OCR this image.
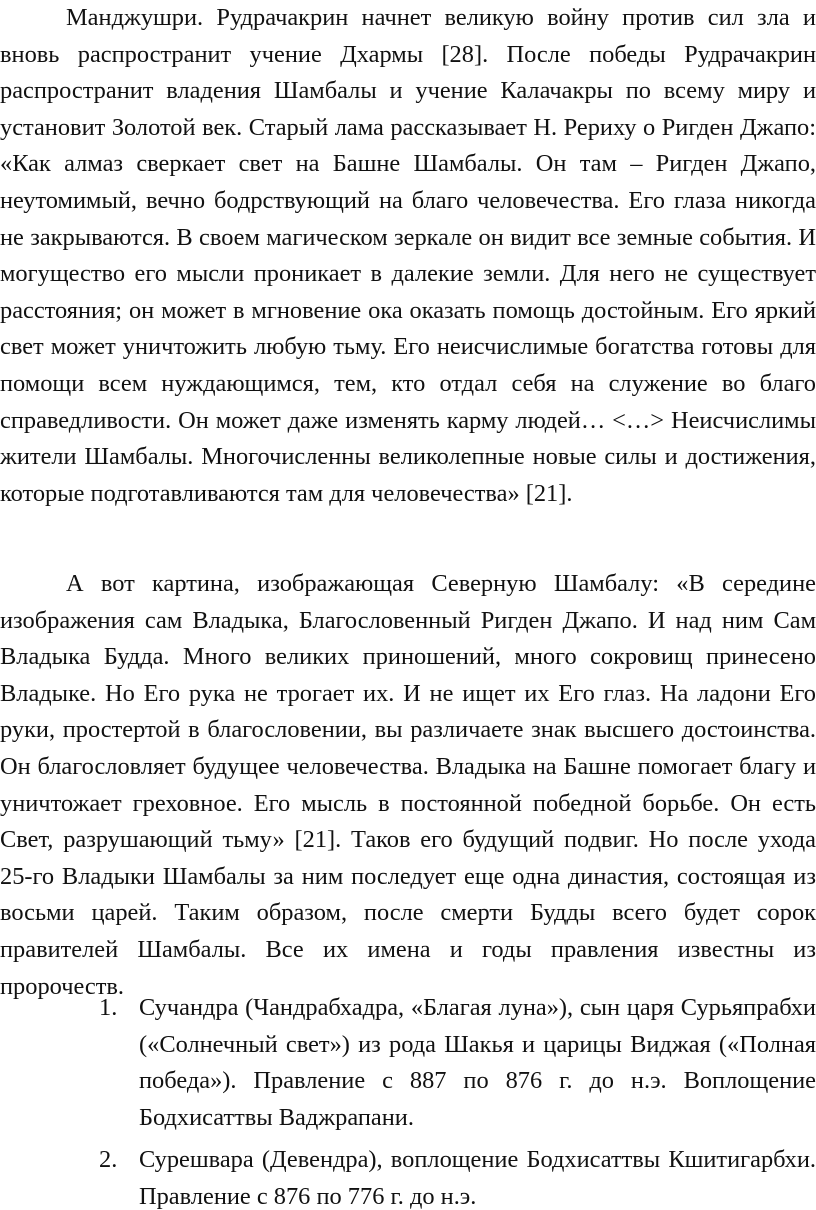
Манджушри. Рудрачакрин начнет великую войну против сил зла и вновь распространит учение Дхармы [28]. После победы Рудрачакрин распространит владения Шамбалы и учение Калачакры по всему миру и установит Золотой век. Старый лама рассказывает Н. Рериху о Ригден Джапо: «Как алмаз сверкает свет на Башне Шамбалы. Он там – Ригден Джапо, неутомимый, вечно бодрствующий на благо человечества. Его глаза никогда не закрываются. В своем магическом зеркале он видит все земные события. И могущество его мысли проникает в далекие земли. Для него не существует расстояния; он может в мгновение ока оказать помощь достойным. Его яркий свет может уничтожить любую тьму. Его неисчислимые богатства готовы для помощи всем нуждающимся, тем, кто отдал себя на служение во благо справедливости. Он может даже изменять карму людей… <…> Неисчислимы жители Шамбалы. Многочисленны великолепные новые силы и достижения, которые подготавливаются там для человечества» [21].

А вот картина, изображающая Северную Шамбалу: «В середине изображения сам Владыка, Благословенный Ригден Джапо. И над ним Сам Владыка Будда. Много великих приношений, много сокровищ принесено Владыке. Но Его рука не трогает их. И не ищет их Его глаз. На ладони Его руки, простертой в благословении, вы различаете знак высшего достоинства. Он благословляет будущее человечества. Владыка на Башне помогает благу и уничтожает греховное. Его мысль в постоянной победной борьбе. Он есть Свет, разрушающий тьму» [21]. Таков его будущий подвиг. Но после ухода 25-го Владыки Шамбалы за ним последует еще одна династия, состоящая из восьми царей. Таким образом, после смерти Будды всего будет сорок правителей Шамбалы. Все их имена и годы правления известны из пророчеств.

1. Сучандра (Чандрабхадра, «Благая луна»), сын царя Сурьяпрабхи («Солнечный свет») из рода Шакья и царицы Виджая («Полная победа»). Правление с 887 по 876 г. до н.э. Воплощение Бодхисаттвы Ваджрапани.
2. Сурешвара (Девендра), воплощение Бодхисаттвы Кшитигарбхи. Правление с 876 по 776 г. до н.э.
